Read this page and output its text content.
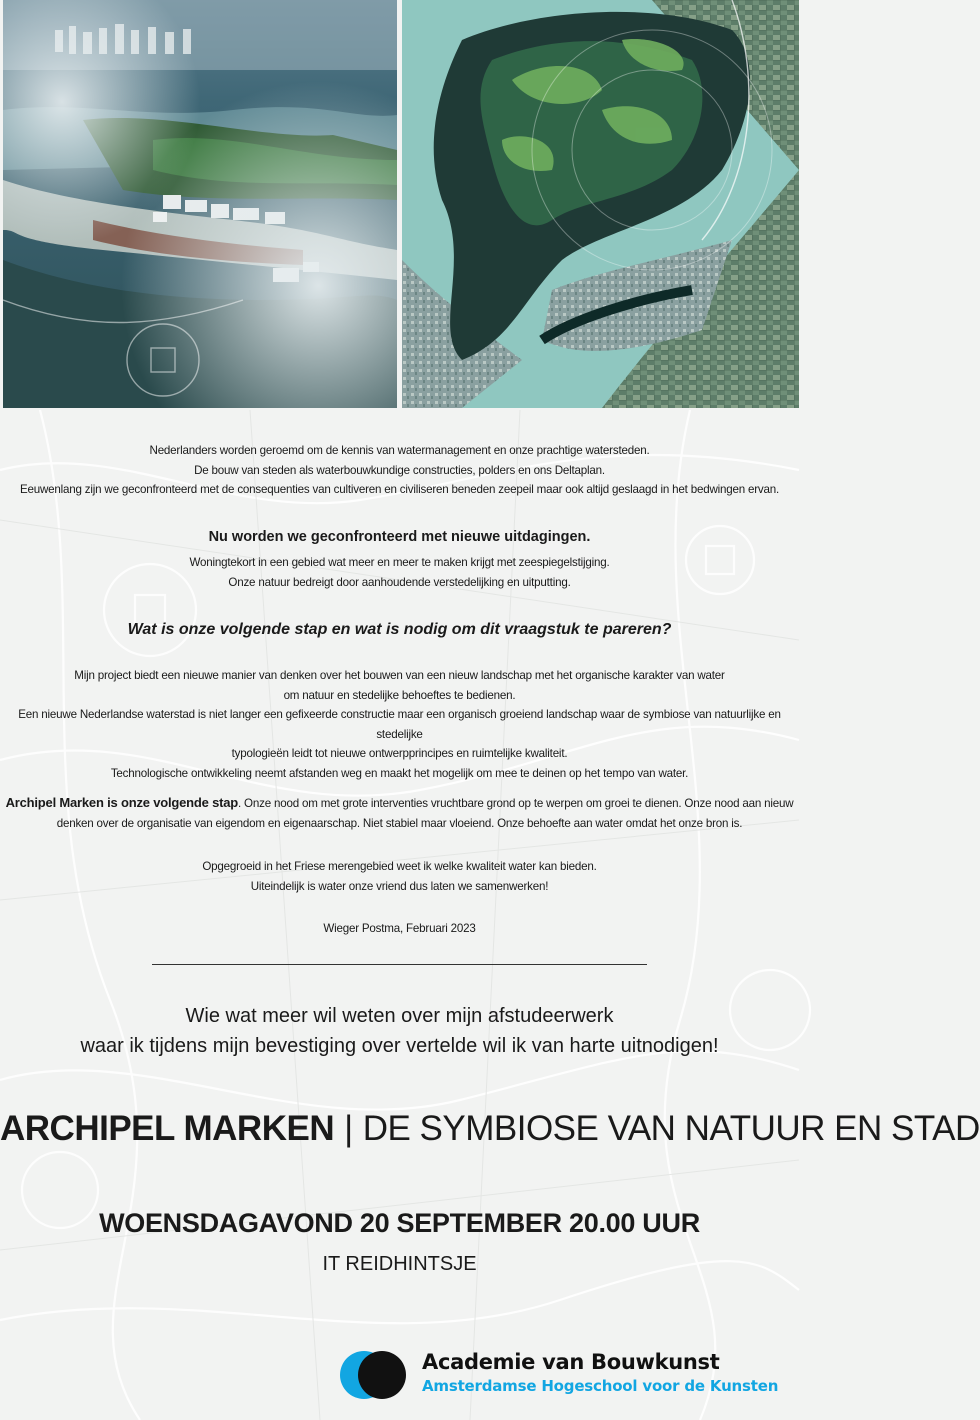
Nederlanders worden geroemd om de kennis van watermanagement en onze prachtige watersteden.
De bouw van steden als waterbouwkundige constructies, polders en ons Deltaplan.
Eeuwenlang zijn we geconfronteerd met de consequenties van cultiveren en civiliseren beneden zeepeil maar ook altijd geslaagd in het bedwingen ervan.
Nu worden we geconfronteerd met nieuwe uitdagingen.
Woningtekort in een gebied wat meer en meer te maken krijgt met zeespiegelstijging.
Onze natuur bedreigt door aanhoudende verstedelijking en uitputting.
Wat is onze volgende stap en wat is nodig om dit vraagstuk te pareren?
Mijn project biedt een nieuwe manier van denken over het bouwen van een nieuw landschap met het organische karakter van water
om natuur en stedelijke behoeftes te bedienen.
Een nieuwe Nederlandse waterstad is niet langer een gefixeerde constructie maar een organisch groeiend landschap waar de symbiose van natuurlijke en stedelijke
typologieën leidt tot nieuwe ontwerpprincipes en ruimtelijke kwaliteit.
Technologische ontwikkeling neemt afstanden weg en maakt het mogelijk om mee te deinen op het tempo van water.
Archipel Marken is onze volgende stap. Onze nood om met grote interventies vruchtbare grond op te werpen om groei te dienen. Onze nood aan nieuw
denken over de organisatie van eigendom en eigenaarschap. Niet stabiel maar vloeiend. Onze behoefte aan water omdat het onze bron is.
Opgegroeid in het Friese merengebied weet ik welke kwaliteit water kan bieden.
Uiteindelijk is water onze vriend dus laten we samenwerken!
Wieger Postma, Februari 2023
Wie wat meer wil weten over mijn afstudeerwerk
waar ik tijdens mijn bevestiging over vertelde wil ik van harte uitnodigen!
ARCHIPEL MARKEN | DE SYMBIOSE VAN NATUUR EN STAD
WOENSDAGAVOND 20 SEPTEMBER 20.00 UUR
IT REIDHINTSJE
Academie van Bouwkunst
Amsterdamse Hogeschool voor de Kunsten
